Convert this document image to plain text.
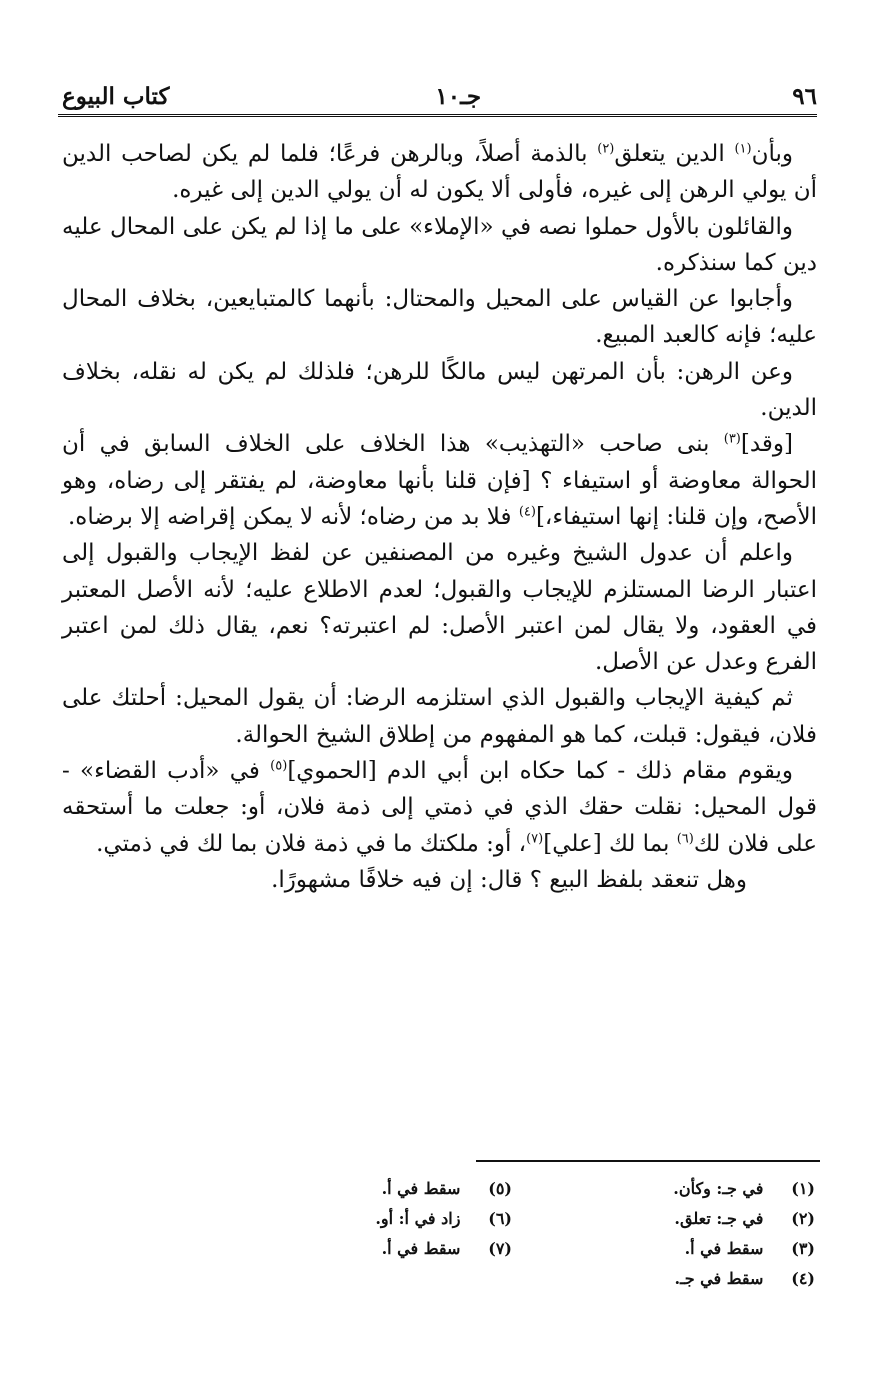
٩٦
جـ١٠
كتاب البيوع

وبأن$^{(١)}$ الدين يتعلق$^{(٢)}$ بالذمة أصلاً، وبالرهن فرعًا؛ فلما لم يكن لصاحب الدين أن يولي الرهن إلى غيره، فأولى ألا يكون له أن يولي الدين إلى غيره.

والقائلون بالأول حملوا نصه في «الإملاء» على ما إذا لم يكن على المحال عليه دين كما سنذكره.

وأجابوا عن القياس على المحيل والمحتال: بأنهما كالمتبايعين، بخلاف المحال عليه؛ فإنه كالعبد المبيع.

وعن الرهن: بأن المرتهن ليس مالكًا للرهن؛ فلذلك لم يكن له نقله، بخلاف الدين.

[وقد]$^{(٣)}$ بنى صاحب «التهذيب» هذا الخلاف على الخلاف السابق في أن الحوالة معاوضة أو استيفاء ؟ [فإن قلنا بأنها معاوضة، لم يفتقر إلى رضاه، وهو الأصح، وإن قلنا: إنها استيفاء،]$^{(٤)}$ فلا بد من رضاه؛ لأنه لا يمكن إقراضه إلا برضاه.

واعلم أن عدول الشيخ وغيره من المصنفين عن لفظ الإيجاب والقبول إلى اعتبار الرضا المستلزم للإيجاب والقبول؛ لعدم الاطلاع عليه؛ لأنه الأصل المعتبر في العقود، ولا يقال لمن اعتبر الأصل: لم اعتبرته؟ نعم، يقال ذلك لمن اعتبر الفرع وعدل عن الأصل.

ثم كيفية الإيجاب والقبول الذي استلزمه الرضا: أن يقول المحيل: أحلتك على فلان، فيقول: قبلت، كما هو المفهوم من إطلاق الشيخ الحوالة.

ويقوم مقام ذلك - كما حكاه ابن أبي الدم [الحموي]$^{(٥)}$ في «أدب القضاء» - قول المحيل: نقلت حقك الذي في ذمتي إلى ذمة فلان، أو: جعلت ما أستحقه على فلان لك$^{(٦)}$ بما لك [علي]$^{(٧)}$، أو: ملكتك ما في ذمة فلان بما لك في ذمتي.

وهل تنعقد بلفظ البيع ؟ قال: إن فيه خلافًا مشهورًا.

(١) في جـ: وكأن.
(٢) في جـ: تعلق.
(٣) سقط في أ.
(٤) سقط في جـ.
(٥) سقط في أ.
(٦) زاد في أ: أو.
(٧) سقط في أ.
